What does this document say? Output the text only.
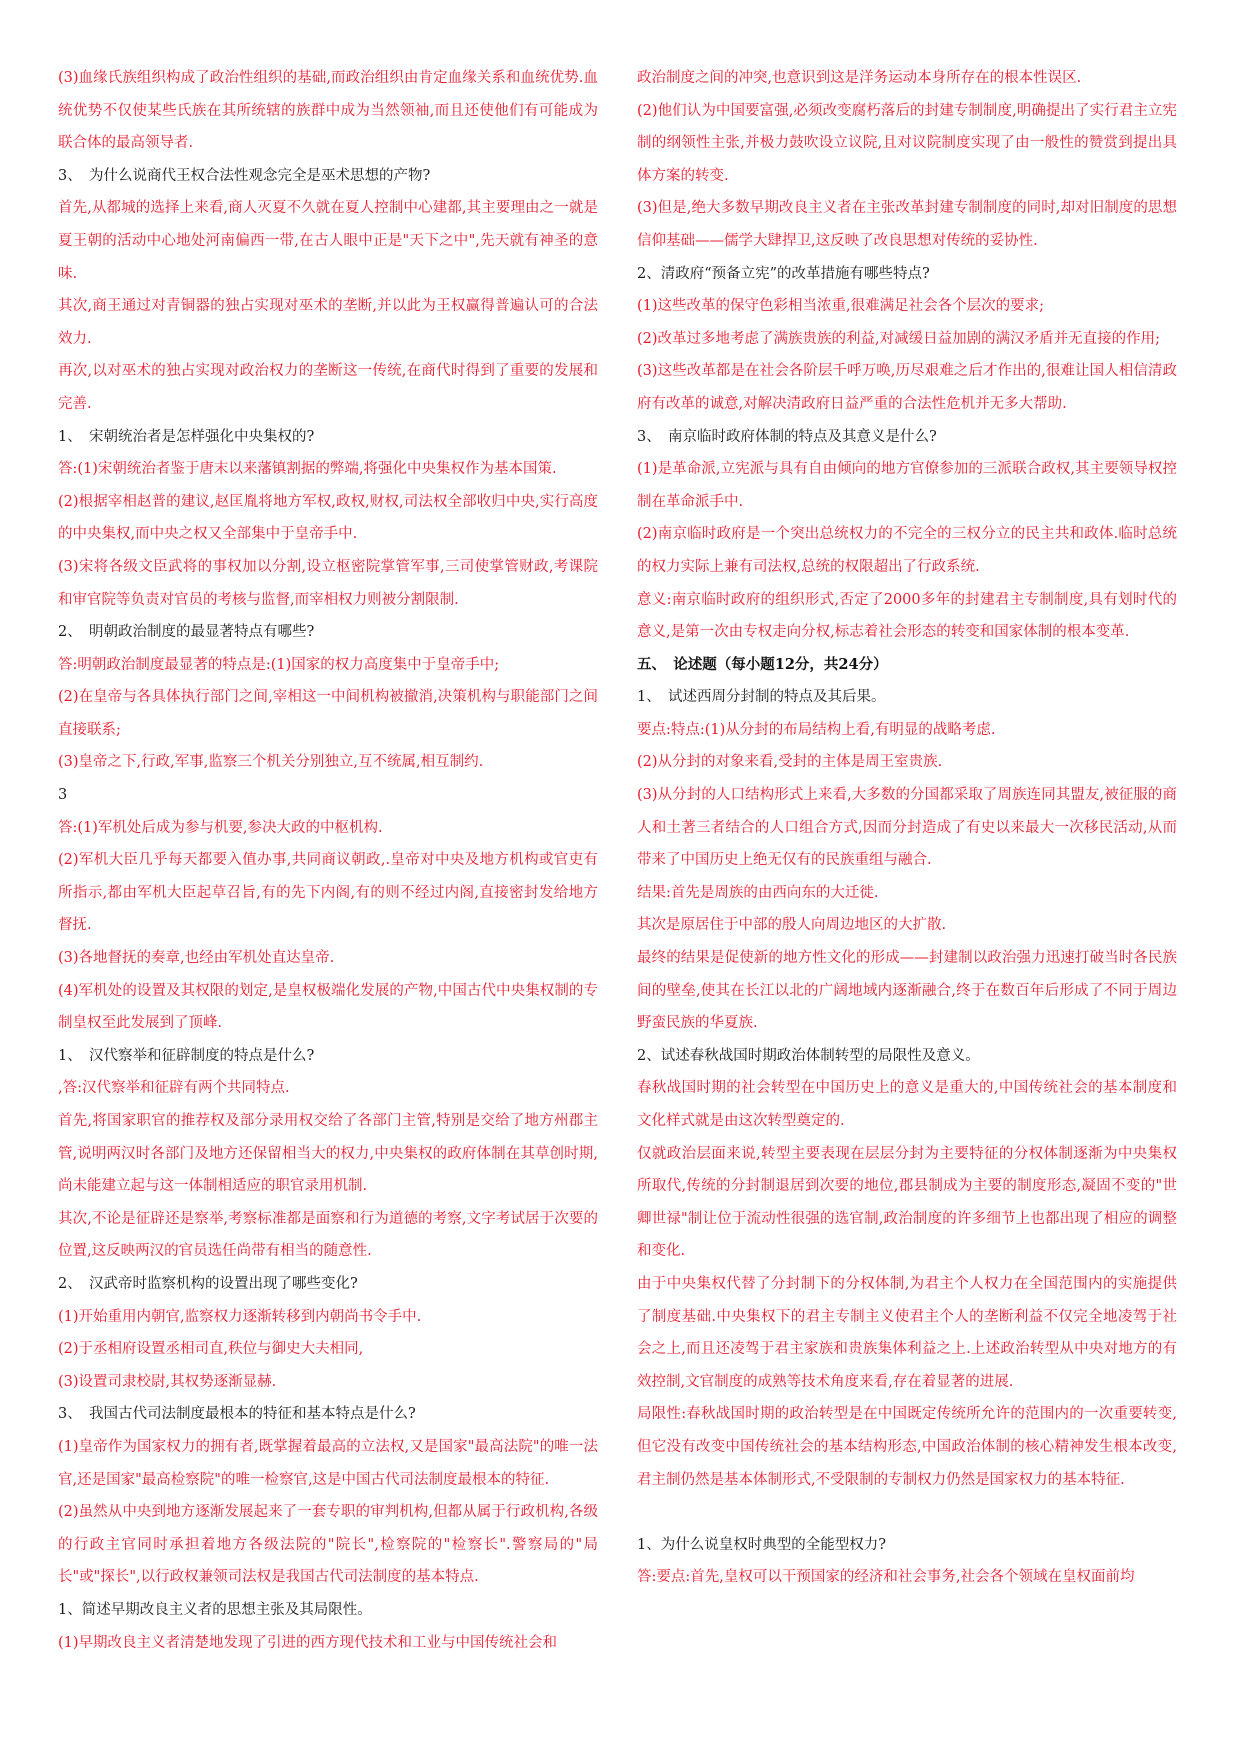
(3)血缘氏族组织构成了政治性组织的基础,而政治组织由肯定血缘关系和血统优势.血统优势不仅使某些氏族在其所统辖的族群中成为当然领袖,而且还使他们有可能成为联合体的最高领导者.

3、　为什么说商代王权合法性观念完全是巫术思想的产物?

首先,从都城的选择上来看,商人灭夏不久就在夏人控制中心建都,其主要理由之一就是夏王朝的活动中心地处河南偏西一带,在古人眼中正是"天下之中",先天就有神圣的意味.

其次,商王通过对青铜器的独占实现对巫术的垄断,并以此为王权赢得普遍认可的合法效力.

再次,以对巫术的独占实现对政治权力的垄断这一传统,在商代时得到了重要的发展和完善.

1、　宋朝统治者是怎样强化中央集权的?

答:(1)宋朝统治者鉴于唐末以来藩镇割据的弊端,将强化中央集权作为基本国策.

(2)根据宰相赵普的建议,赵匡胤将地方军权,政权,财权,司法权全部收归中央,实行高度的中央集权,而中央之权又全部集中于皇帝手中.

(3)宋将各级文臣武将的事权加以分割,设立枢密院掌管军事,三司使掌管财政,考课院和审官院等负责对官员的考核与监督,而宰相权力则被分割限制.

2、　明朝政治制度的最显著特点有哪些?

答:明朝政治制度最显著的特点是:(1)国家的权力高度集中于皇帝手中;

(2)在皇帝与各具体执行部门之间,宰相这一中间机构被撤消,决策机构与职能部门之间直接联系;

(3)皇帝之下,行政,军事,监察三个机关分别独立,互不统属,相互制约.

3

答:(1)军机处后成为参与机要,参决大政的中枢机构.

(2)军机大臣几乎每天都要入值办事,共同商议朝政,.皇帝对中央及地方机构或官吏有所指示,都由军机大臣起草召旨,有的先下内阁,有的则不经过内阁,直接密封发给地方督抚.

(3)各地督抚的奏章,也经由军机处直达皇帝.

(4)军机处的设置及其权限的划定,是皇权极端化发展的产物,中国古代中央集权制的专制皇权至此发展到了顶峰.

1、　汉代察举和征辟制度的特点是什么?

,答:汉代察举和征辟有两个共同特点.

首先,将国家职官的推荐权及部分录用权交给了各部门主管,特别是交给了地方州郡主管,说明两汉时各部门及地方还保留相当大的权力,中央集权的政府体制在其草创时期,尚未能建立起与这一体制相适应的职官录用机制.

其次,不论是征辟还是察举,考察标准都是面察和行为道德的考察,文字考试居于次要的位置,这反映两汉的官员选任尚带有相当的随意性.

2、　汉武帝时监察机构的设置出现了哪些变化?

(1)开始重用内朝官,监察权力逐渐转移到内朝尚书令手中.

(2)于丞相府设置丞相司直,秩位与御史大夫相同,

(3)设置司隶校尉,其权势逐渐显赫.

3、　我国古代司法制度最根本的特征和基本特点是什么?

(1)皇帝作为国家权力的拥有者,既掌握着最高的立法权,又是国家"最高法院"的唯一法官,还是国家"最高检察院"的唯一检察官,这是中国古代司法制度最根本的特征.

(2)虽然从中央到地方逐渐发展起来了一套专职的审判机构,但都从属于行政机构,各级的行政主官同时承担着地方各级法院的"院长",检察院的"检察长".警察局的"局长"或"探长",以行政权兼领司法权是我国古代司法制度的基本特点.

1、简述早期改良主义者的思想主张及其局限性。

(1)早期改良主义者清楚地发现了引进的西方现代技术和工业与中国传统社会和

政治制度之间的冲突,也意识到这是洋务运动本身所存在的根本性误区.

(2)他们认为中国要富强,必须改变腐朽落后的封建专制制度,明确提出了实行君主立宪制的纲领性主张,并极力鼓吹设立议院,且对议院制度实现了由一般性的赞赏到提出具体方案的转变.

(3)但是,绝大多数早期改良主义者在主张改革封建专制制度的同时,却对旧制度的思想信仰基础——儒学大肆捍卫,这反映了改良思想对传统的妥协性.

2、清政府“预备立宪”的改革措施有哪些特点?

(1)这些改革的保守色彩相当浓重,很难满足社会各个层次的要求;

(2)改革过多地考虑了满族贵族的利益,对减缓日益加剧的满汉矛盾并无直接的作用;

(3)这些改革都是在社会各阶层千呼万唤,历尽艰难之后才作出的,很难让国人相信清政府有改革的诚意,对解决清政府日益严重的合法性危机并无多大帮助.

3、　南京临时政府体制的特点及其意义是什么?

(1)是革命派,立宪派与具有自由倾向的地方官僚参加的三派联合政权,其主要领导权控制在革命派手中.

(2)南京临时政府是一个突出总统权力的不完全的三权分立的民主共和政体.临时总统的权力实际上兼有司法权,总统的权限超出了行政系统.

意义:南京临时政府的组织形式,否定了2000多年的封建君主专制制度,具有划时代的意义,是第一次由专权走向分权,标志着社会形态的转变和国家体制的根本变革.

五、　论述题（每小题12分，共24分）

1、　试述西周分封制的特点及其后果。

要点:特点:(1)从分封的布局结构上看,有明显的战略考虑.

(2)从分封的对象来看,受封的主体是周王室贵族.

(3)从分封的人口结构形式上来看,大多数的分国都采取了周族连同其盟友,被征服的商人和土著三者结合的人口组合方式,因而分封造成了有史以来最大一次移民活动,从而带来了中国历史上绝无仅有的民族重组与融合.

结果:首先是周族的由西向东的大迁徙.

其次是原居住于中部的殷人向周边地区的大扩散.

最终的结果是促使新的地方性文化的形成——封建制以政治强力迅速打破当时各民族间的壁垒,使其在长江以北的广阔地域内逐渐融合,终于在数百年后形成了不同于周边野蛮民族的华夏族.

2、试述春秋战国时期政治体制转型的局限性及意义。

春秋战国时期的社会转型在中国历史上的意义是重大的,中国传统社会的基本制度和文化样式就是由这次转型奠定的.

仅就政治层面来说,转型主要表现在层层分封为主要特征的分权体制逐渐为中央集权所取代,传统的分封制退居到次要的地位,郡县制成为主要的制度形态,凝固不变的"世卿世禄"制让位于流动性很强的选官制,政治制度的许多细节上也都出现了相应的调整和变化.

由于中央集权代替了分封制下的分权体制,为君主个人权力在全国范围内的实施提供了制度基础.中央集权下的君主专制主义使君主个人的垄断利益不仅完全地凌驾于社会之上,而且还凌驾于君主家族和贵族集体利益之上.上述政治转型从中央对地方的有效控制,文官制度的成熟等技术角度来看,存在着显著的进展.

局限性:春秋战国时期的政治转型是在中国既定传统所允许的范围内的一次重要转变,但它没有改变中国传统社会的基本结构形态,中国政治体制的核心精神发生根本改变,君主制仍然是基本体制形式,不受限制的专制权力仍然是国家权力的基本特征.

1、为什么说皇权时典型的全能型权力?

答:要点:首先,皇权可以干预国家的经济和社会事务,社会各个领域在皇权面前均
